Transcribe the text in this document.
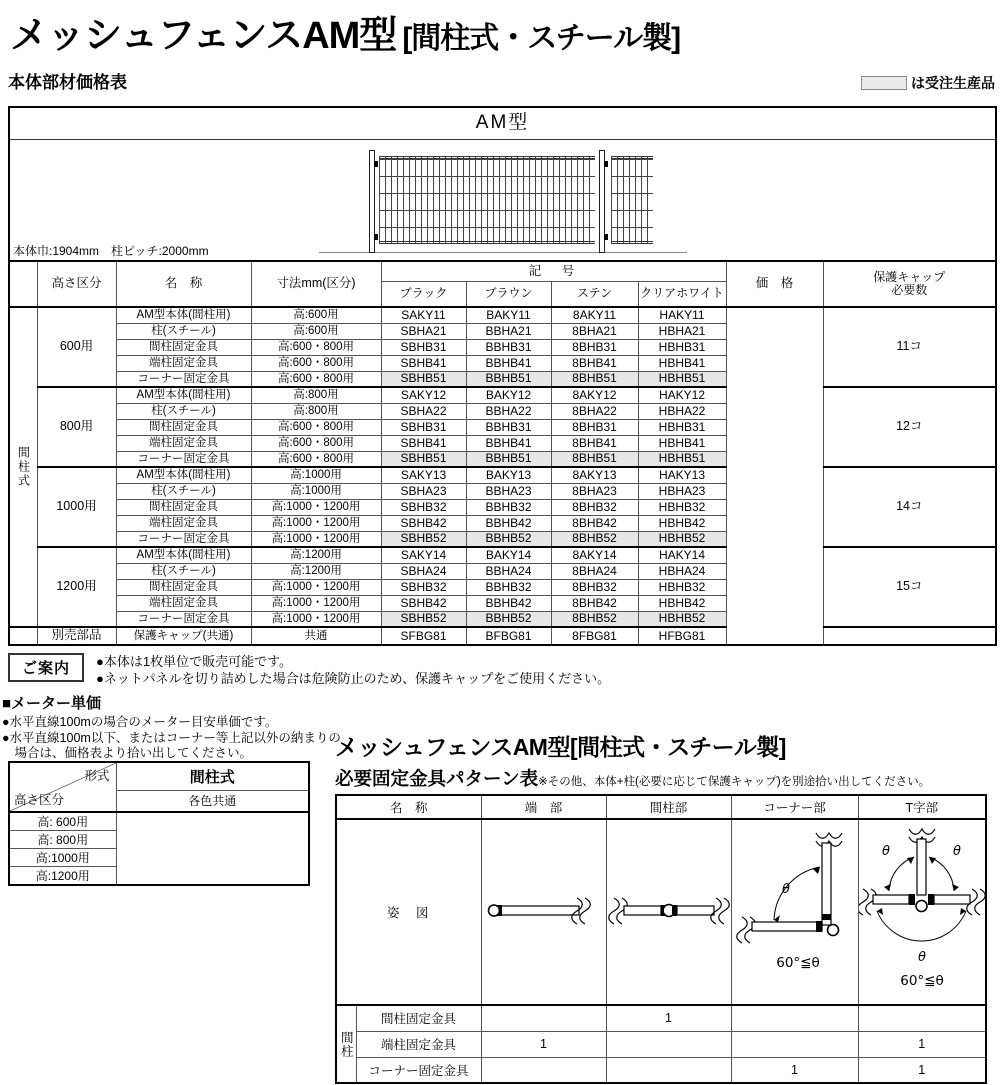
メッシュフェンスAM型 [間柱式・スチール製]
本体部材価格表	は受注生産品
AM型									

本体巾:1904mm　柱ピッチ:2000mm									

	高さ区分	名　称	寸法mm(区分)	記　号				価　格	保護キャップ
必要数

				ブラック	ブラウン	ステン	クリアホワイト		
間柱式	600用	AM型本体(間柱用)	高:600用	SAKY11	BAKY11	8AKY11	HAKY11		11コ
		柱(スチール)	高:600用	SBHA21	BBHA21	8BHA21	HBHA21		
		間柱固定金具	高:600・800用	SBHB31	BBHB31	8BHB31	HBHB31		
		端柱固定金具	高:600・800用	SBHB41	BBHB41	8BHB41	HBHB41		
		コーナー固定金具	高:600・800用	SBHB51	BBHB51	8BHB51	HBHB51		
	800用	AM型本体(間柱用)	高:800用	SAKY12	BAKY12	8AKY12	HAKY12		12コ
		柱(スチール)	高:800用	SBHA22	BBHA22	8BHA22	HBHA22		
		間柱固定金具	高:600・800用	SBHB31	BBHB31	8BHB31	HBHB31		
		端柱固定金具	高:600・800用	SBHB41	BBHB41	8BHB41	HBHB41		
		コーナー固定金具	高:600・800用	SBHB51	BBHB51	8BHB51	HBHB51		
	1000用	AM型本体(間柱用)	高:1000用	SAKY13	BAKY13	8AKY13	HAKY13		14コ
		柱(スチール)	高:1000用	SBHA23	BBHA23	8BHA23	HBHA23		
		間柱固定金具	高:1000・1200用	SBHB32	BBHB32	8BHB32	HBHB32		
		端柱固定金具	高:1000・1200用	SBHB42	BBHB42	8BHB42	HBHB42		
		コーナー固定金具	高:1000・1200用	SBHB52	BBHB52	8BHB52	HBHB52		
	1200用	AM型本体(間柱用)	高:1200用	SAKY14	BAKY14	8AKY14	HAKY14		15コ
		柱(スチール)	高:1200用	SBHA24	BBHA24	8BHA24	HBHA24		
		間柱固定金具	高:1000・1200用	SBHB32	BBHB32	8BHB32	HBHB32		
		端柱固定金具	高:1000・1200用	SBHB42	BBHB42	8BHB42	HBHB42		
		コーナー固定金具	高:1000・1200用	SBHB52	BBHB52	8BHB52	HBHB52		
	別売部品	保護キャップ(共通)	共通	SFBG81	BFBG81	8FBG81	HFBG81		
ご案内	●本体は1枚単位で販売可能です。
●ネットパネルを切り詰めした場合は危険防止のため、保護キャップをご使用ください。
■メーター単価
●水平直線100mの場合のメーター目安単価です。
●水平直線100m以下、またはコーナー等上記以外の納まりの場合は、価格表より拾い出してください。
形式
高さ区分	間柱式
	各色共通
高: 600用	
高: 800用	
高:1000用	
高:1200用	
メッシュフェンスAM型[間柱式・スチール製]
必要固定金具パターン表※その他、本体+柱(必要に応じて保護キャップ)を別途拾い出してください。
名　称		端　部	間柱部	コーナー部	T字部
姿　図				θ
60°≦θ	θ θ
θ
60°≦θ

間柱	間柱固定金具		1		
	端柱固定金具	1			1
	コーナー固定金具			1	1
